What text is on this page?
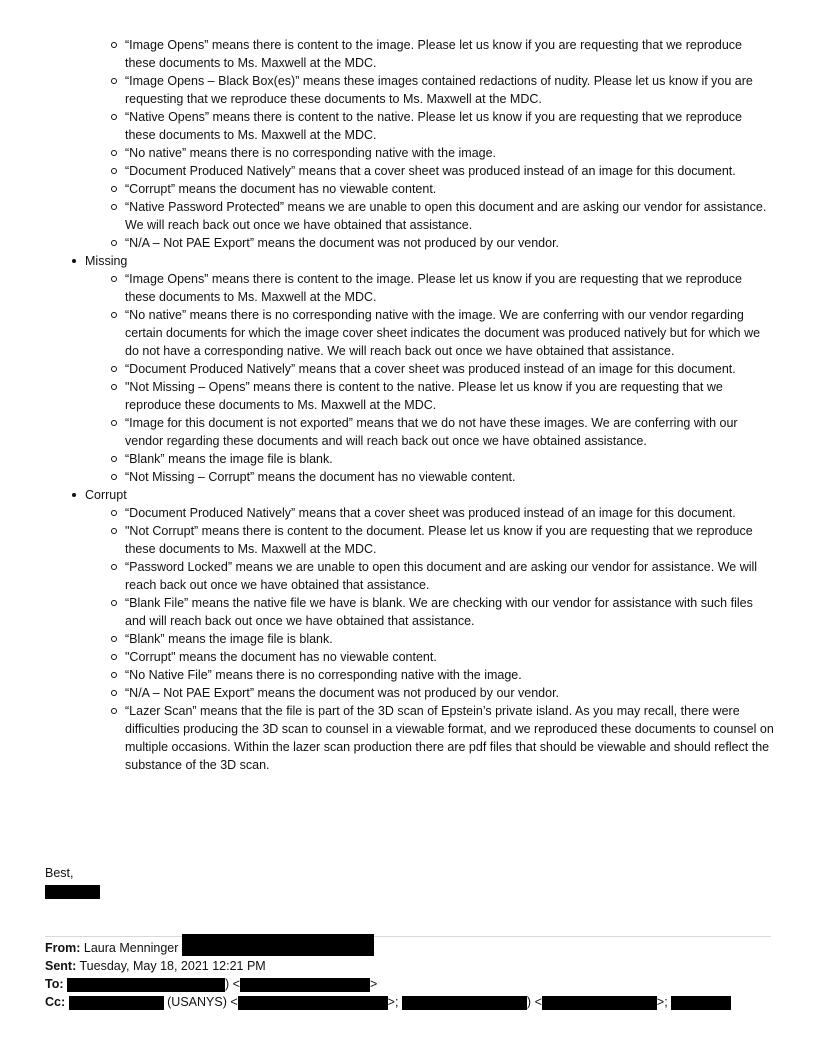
“Image Opens” means there is content to the image. Please let us know if you are requesting that we reproduce these documents to Ms. Maxwell at the MDC.
“Image Opens – Black Box(es)” means these images contained redactions of nudity. Please let us know if you are requesting that we reproduce these documents to Ms. Maxwell at the MDC.
“Native Opens” means there is content to the native. Please let us know if you are requesting that we reproduce these documents to Ms. Maxwell at the MDC.
“No native” means there is no corresponding native with the image.
“Document Produced Natively” means that a cover sheet was produced instead of an image for this document.
“Corrupt” means the document has no viewable content.
“Native Password Protected” means we are unable to open this document and are asking our vendor for assistance. We will reach back out once we have obtained that assistance.
“N/A – Not PAE Export” means the document was not produced by our vendor.
Missing
“Image Opens” means there is content to the image. Please let us know if you are requesting that we reproduce these documents to Ms. Maxwell at the MDC.
“No native” means there is no corresponding native with the image. We are conferring with our vendor regarding certain documents for which the image cover sheet indicates the document was produced natively but for which we do not have a corresponding native. We will reach back out once we have obtained that assistance.
“Document Produced Natively” means that a cover sheet was produced instead of an image for this document.
"Not Missing – Opens” means there is content to the native. Please let us know if you are requesting that we reproduce these documents to Ms. Maxwell at the MDC.
“Image for this document is not exported” means that we do not have these images. We are conferring with our vendor regarding these documents and will reach back out once we have obtained assistance.
“Blank” means the image file is blank.
“Not Missing – Corrupt” means the document has no viewable content.
Corrupt
“Document Produced Natively” means that a cover sheet was produced instead of an image for this document.
"Not Corrupt” means there is content to the document. Please let us know if you are requesting that we reproduce these documents to Ms. Maxwell at the MDC.
“Password Locked” means we are unable to open this document and are asking our vendor for assistance. We will reach back out once we have obtained that assistance.
“Blank File” means the native file we have is blank. We are checking with our vendor for assistance with such files and will reach back out once we have obtained that assistance.
“Blank” means the image file is blank.
"Corrupt" means the document has no viewable content.
“No Native File” means there is no corresponding native with the image.
“N/A – Not PAE Export” means the document was not produced by our vendor.
“Lazer Scan” means that the file is part of the 3D scan of Epstein’s private island. As you may recall, there were difficulties producing the 3D scan to counsel in a viewable format, and we reproduced these documents to counsel on multiple occasions. Within the lazer scan production there are pdf files that should be viewable and should reflect the substance of the 3D scan.
Best,
From: Laura Menninger
Sent: Tuesday, May 18, 2021 12:21 PM
To:	) <	>
Cc:	(USANYS) <	>;	) <	>;
